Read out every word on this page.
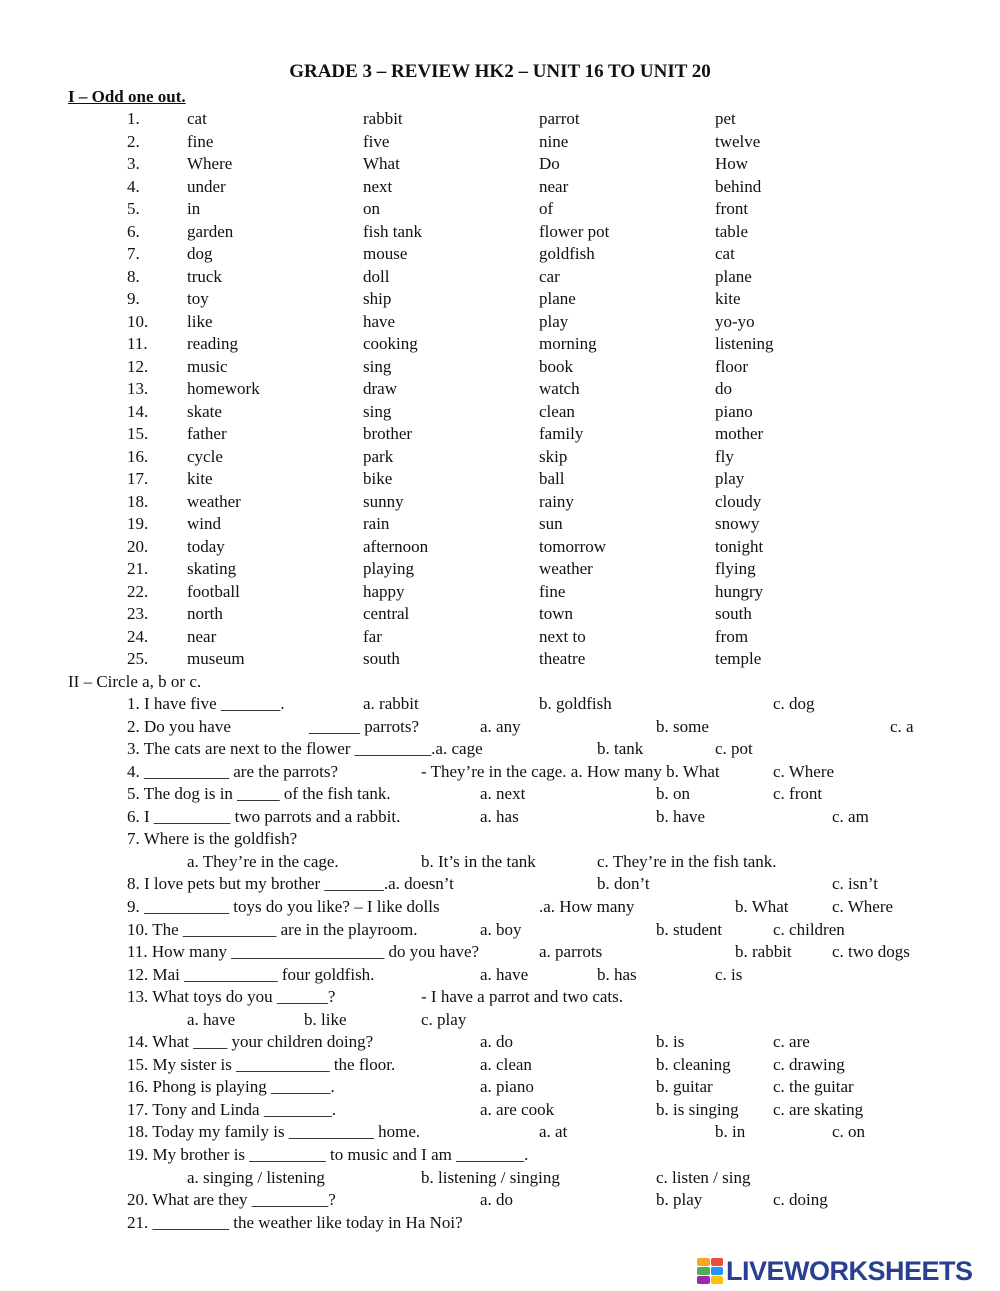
GRADE 3 – REVIEW HK2 – UNIT 16 TO UNIT 20
I – Odd one out.
1.	cat	rabbit	parrot	pet
2.	fine	five	nine	twelve
3.	Where	What	Do	How
4.	under	next	near	behind
5.	in	on	of	front
6.	garden	fish tank	flower pot	table
7.	dog	mouse	goldfish	cat
8.	truck	doll	car	plane
9.	toy	ship	plane	kite
10. like	have	play	yo-yo
11. reading	cooking	morning	listening
12. music	sing	book	floor
13. homework	draw	watch	do
14. skate	sing	clean	piano
15. father	brother	family	mother
16. cycle	park	skip	fly
17. kite	bike	ball	play
18. weather	sunny	rainy	cloudy
19. wind	rain	sun	snowy
20. today	afternoon	tomorrow	tonight
21. skating	playing	weather	flying
22. football	happy	fine	hungry
23. north	central	town	south
24. near	far	next to	from
25. museum	south	theatre	temple
II – Circle a, b or c.
1. I have five _______.	a. rabbit	b. goldfish	c. dog
2. Do you have	______ parrots?	a. any	b. some	c. a
3. The cats are next to the flower _________.a. cage	b. tank	c. pot
4. __________ are the parrots?	- They’re in the cage. a. How many b. What	c. Where
5. The dog is in _____ of the fish tank.	a. next	b. on	c. front
6. I _________ two parrots and a rabbit.	a. has	b. have	c. am
7. Where is the goldfish?
a. They’re in the cage.	b. It’s in the tank	c. They’re in the fish tank.
8. I love pets but my brother _______.a. doesn’t	b. don’t	c. isn’t
9. __________ toys do you like? – I like dolls	.a. How many	b. What	c. Where
10. The ___________ are in the playroom.	a. boy	b. student	c. children
11. How many __________________ do you have?	a. parrots	b. rabbit c. two dogs
12. Mai ___________ four goldfish.	a. have	b. has	c. is
13. What toys do you ______?	- I have a parrot and two cats.
a. have	b. like	c. play
14. What ____ your children doing?	a. do	b. is	c. are
15. My sister is ___________ the floor.	a. clean	b. cleaning c. drawing
16. Phong is playing _______.	a. piano	b. guitar	c. the guitar
17. Tony and Linda ________.	a. are cook	b. is singing c. are skating
18. Today my family is __________ home.	a. at	b. in	c. on
19. My brother is _________ to music and I am ________.
a. singing / listening	b. listening / singing	c. listen / sing
20. What are they _________?	a. do	b. play	c. doing
21. _________ the weather like today in Ha Noi?
LIVEWORKSHEETS
